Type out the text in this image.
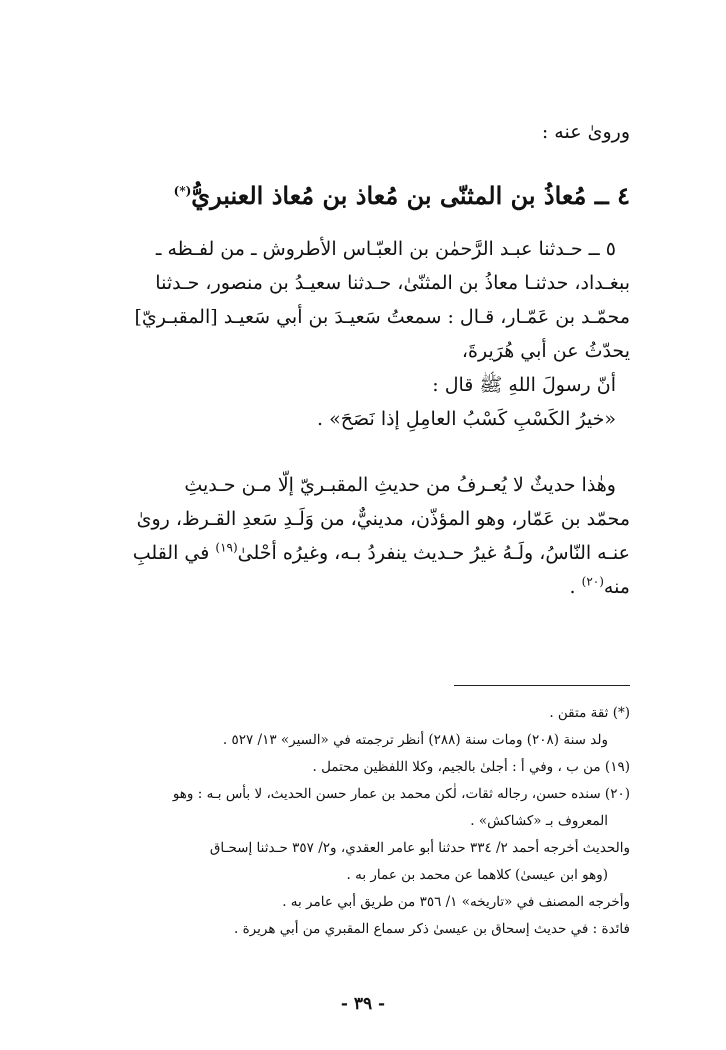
ورویٰ عنه :
٤ ــ مُعاذُ بن المثنّى بن مُعاذ بن مُعاذ العنبريُّ(*)
٥ ــ حـدثنا عبـد الرَّحمٰن بن العبّـاس الأطروش ـ من لفـظه ـ
ببغـداد، حدثنـا معاذُ بن المثنّىٰ، حـدثنا سعيـدُ بن منصور، حـدثنا
محمّـد بن عَمّـار، قـال : سمعتُ سَعيـدَ بن أبي سَعيـد [المقبـريّ]
يحدّثُ عن أبي هُرَيرةَ،
أنّ رسولَ اللهِ ﷺ قال :
«خيرُ الكَسْبِ كَسْبُ العامِلِ إذا نَصَحَ» .
وهٰذا حديثٌ لا يُعـرفُ من حديثِ المقبـريّ إلّا مـن حـديثِ
محمّد بن عَمّار، وهو المؤذّن، مدينيٌّ، من وَلَـدِ سَعدِ القـرظ، روىٰ
عنـه النّاسُ، ولَـهُ غيرُ حـديث ينفردُ بـه، وغيرُه أحْلىٰ$^{(١٩)}$ في القلبِ
منه$^{(٢٠)}$ .
(*) ثقة متقن .
ولد سنة (٢٠٨) ومات سنة (٢٨٨) أنظر ترجمته في «السير» ١٣/ ٥٢٧ .
(١٩) من ب ، وفي أ : أجلىٰ بالجيم، وكلا اللفظين محتمل .
(٢٠) سنده حسن، رجاله ثقات، لٰكن محمد بن عمار حسن الحديث، لا بأس بـه : وهو
المعروف بـ «كشاكش» .
والحديث أخرجه أحمد ٢/ ٣٣٤ حدثنا أبو عامر العقدي، و٢/ ٣٥٧ حـدثنا إسحـاق
(وهو ابن عيسىٰ) كلاهما عن محمد بن عمار به .
وأخرجه المصنف في «تاريخه» ١/ ٣٥٦ من طريق أبي عامر به .
فائدة : في حديث إسحاق بن عيسىٰ ذكر سماع المقبري من أبي هريرة .
- ٣٩ -
